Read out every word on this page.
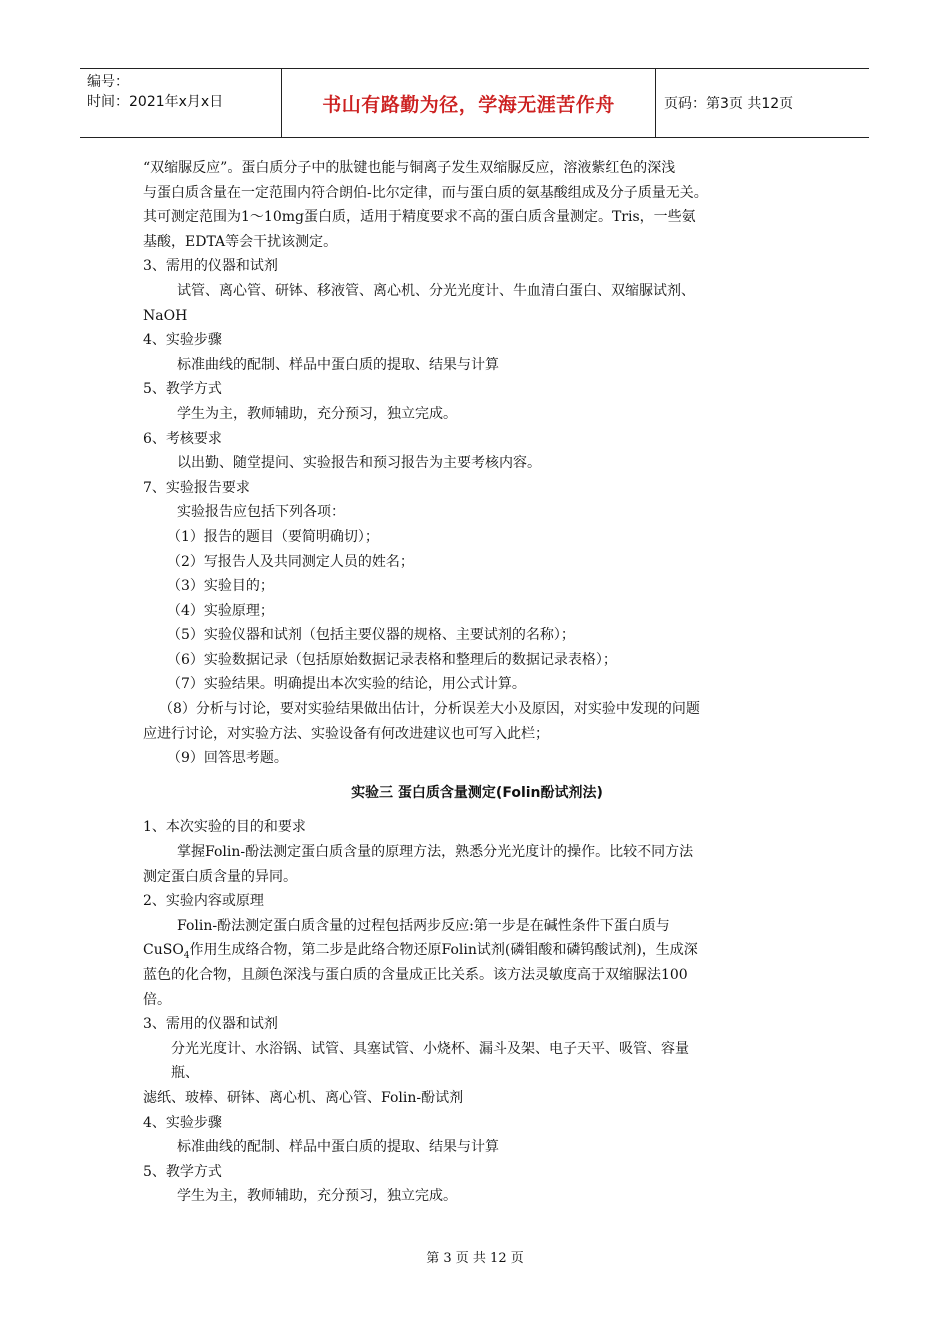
编号：
时间：2021年x月x日	书山有路勤为径，学海无涯苦作舟	页码：第3页 共12页
“双缩脲反应”。蛋白质分子中的肽键也能与铜离子发生双缩脲反应，溶液紫红色的深浅
与蛋白质含量在一定范围内符合朗伯-比尔定律，而与蛋白质的氨基酸组成及分子质量无关。
其可测定范围为1～10mg蛋白质，适用于精度要求不高的蛋白质含量测定。Tris，一些氨
基酸，EDTA等会干扰该测定。
3、需用的仪器和试剂
试管、离心管、研钵、移液管、离心机、分光光度计、牛血清白蛋白、双缩脲试剂、
NaOH
4、实验步骤
标准曲线的配制、样品中蛋白质的提取、结果与计算
5、教学方式
学生为主，教师辅助，充分预习，独立完成。
6、考核要求
以出勤、随堂提问、实验报告和预习报告为主要考核内容。
7、实验报告要求
实验报告应包括下列各项：
（1）报告的题目（要简明确切）；
（2）写报告人及共同测定人员的姓名；
（3）实验目的；
（4）实验原理；
（5）实验仪器和试剂（包括主要仪器的规格、主要试剂的名称）；
（6）实验数据记录（包括原始数据记录表格和整理后的数据记录表格）；
（7）实验结果。明确提出本次实验的结论，用公式计算。
（8）分析与讨论，要对实验结果做出估计，分析误差大小及原因，对实验中发现的问题
应进行讨论，对实验方法、实验设备有何改进建议也可写入此栏；
（9）回答思考题。
实验三 蛋白质含量测定(Folin酚试剂法)
1、本次实验的目的和要求
掌握Folin-酚法测定蛋白质含量的原理方法，熟悉分光光度计的操作。比较不同方法
测定蛋白质含量的异同。
2、实验内容或原理
Folin-酚法测定蛋白质含量的过程包括两步反应:第一步是在碱性条件下蛋白质与
CuSO$_4$作用生成络合物，第二步是此络合物还原Folin试剂(磷钼酸和磷钨酸试剂)，生成深
蓝色的化合物，且颜色深浅与蛋白质的含量成正比关系。该方法灵敏度高于双缩脲法100
倍。
3、需用的仪器和试剂
分光光度计、水浴锅、试管、具塞试管、小烧杯、漏斗及架、电子天平、吸管、容量
瓶、
滤纸、玻棒、研钵、离心机、离心管、Folin-酚试剂
4、实验步骤
标准曲线的配制、样品中蛋白质的提取、结果与计算
5、教学方式
学生为主，教师辅助，充分预习，独立完成。
第 3 页 共 12 页
